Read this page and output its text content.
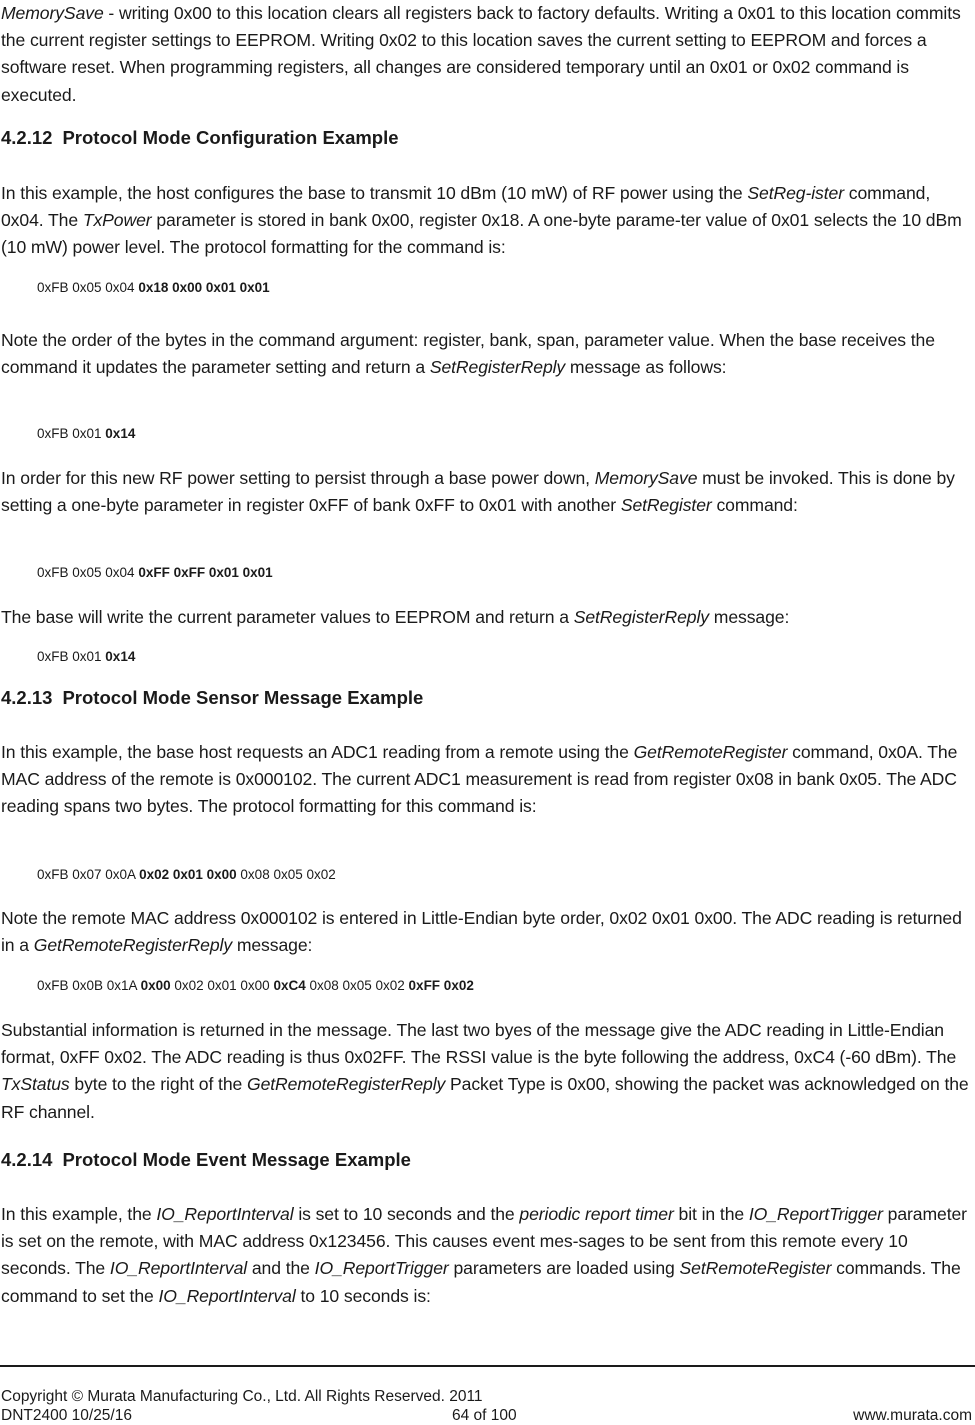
MemorySave - writing 0x00 to this location clears all registers back to factory defaults. Writing a 0x01 to this location commits the current register settings to EEPROM. Writing 0x02 to this location saves the current setting to EEPROM and forces a software reset. When programming registers, all changes are considered temporary until an 0x01 or 0x02 command is executed.

4.2.12 Protocol Mode Configuration Example

In this example, the host configures the base to transmit 10 dBm (10 mW) of RF power using the SetReg-ister command, 0x04. The TxPower parameter is stored in bank 0x00, register 0x18. A one-byte parame-ter value of 0x01 selects the 10 dBm (10 mW) power level. The protocol formatting for the command is:

0xFB 0x05 0x04 0x18 0x00 0x01 0x01

Note the order of the bytes in the command argument: register, bank, span, parameter value. When the base receives the command it updates the parameter setting and return a SetRegisterReply message as follows:

0xFB 0x01 0x14

In order for this new RF power setting to persist through a base power down, MemorySave must be invoked. This is done by setting a one-byte parameter in register 0xFF of bank 0xFF to 0x01 with another SetRegister command:

0xFB 0x05 0x04 0xFF 0xFF 0x01 0x01

The base will write the current parameter values to EEPROM and return a SetRegisterReply message:

0xFB 0x01 0x14
4.2.13 Protocol Mode Sensor Message Example

In this example, the base host requests an ADC1 reading from a remote using the GetRemoteRegister command, 0x0A. The MAC address of the remote is 0x000102. The current ADC1 measurement is read from register 0x08 in bank 0x05. The ADC reading spans two bytes. The protocol formatting for this command is:

0xFB 0x07 0x0A 0x02 0x01 0x00 0x08 0x05 0x02

Note the remote MAC address 0x000102 is entered in Little-Endian byte order, 0x02 0x01 0x00. The ADC reading is returned in a GetRemoteRegisterReply message:

0xFB 0x0B 0x1A 0x00 0x02 0x01 0x00 0xC4 0x08 0x05 0x02 0xFF 0x02

Substantial information is returned in the message. The last two byes of the message give the ADC reading in Little-Endian format, 0xFF 0x02. The ADC reading is thus 0x02FF. The RSSI value is the byte following the address, 0xC4 (-60 dBm). The TxStatus byte to the right of the GetRemoteRegisterReply Packet Type is 0x00, showing the packet was acknowledged on the RF channel.

4.2.14 Protocol Mode Event Message Example

In this example, the IO_ReportInterval is set to 10 seconds and the periodic report timer bit in the IO_ReportTrigger parameter is set on the remote, with MAC address 0x123456. This causes event mes-sages to be sent from this remote every 10 seconds. The IO_ReportInterval and the IO_ReportTrigger parameters are loaded using SetRemoteRegister commands. The command to set the IO_ReportInterval to 10 seconds is:

Copyright © Murata Manufacturing Co., Ltd. All Rights Reserved. 2011
DNT2400 10/25/16	64 of 100	www.murata.com
